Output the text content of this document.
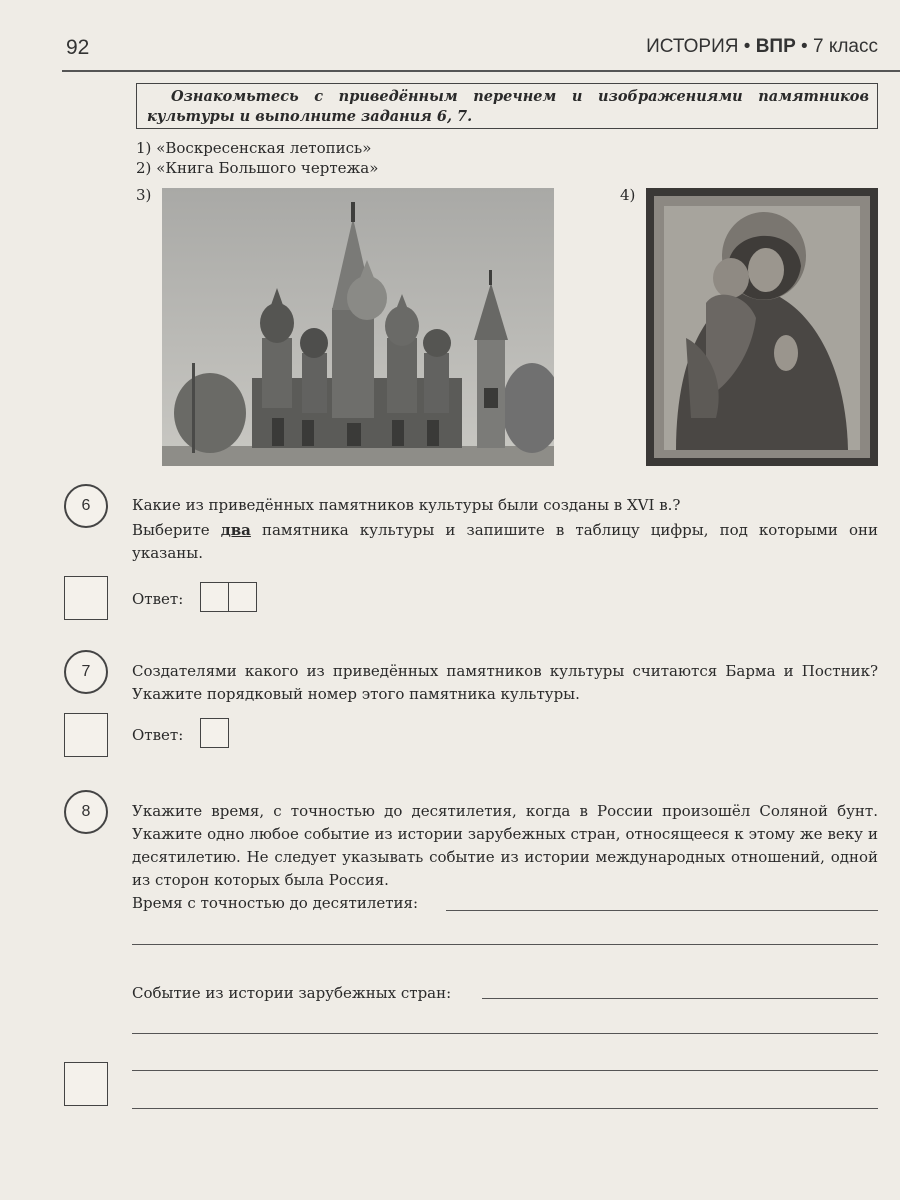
92	ИСТОРИЯ • ВПР • 7 класс
Ознакомьтесь с приведённым перечнем и изображениями памятников культуры и выполните задания 6, 7.
1) «Воскресенская летопись»
2) «Книга Большого чертежа»
3)	4)
6	Какие из приведённых памятников культуры были созданы в XVI в.?

Выберите два памятника культуры и запишите в таблицу цифры, под которыми они указаны.

Ответ:
7	Создателями какого из приведённых памятников культуры считаются Барма и Постник? Укажите порядковый номер этого памятника культуры.
Ответ:
8	Укажите время, с точностью до десятилетия, когда в России произошёл Соляной бунт. Укажите одно любое событие из истории зарубежных стран, относящееся к этому же веку и десятилетию. Не следует указывать событие из истории международных отношений, одной из сторон которых была Россия.
Время с точностью до десятилетия:
Событие из истории зарубежных стран:
